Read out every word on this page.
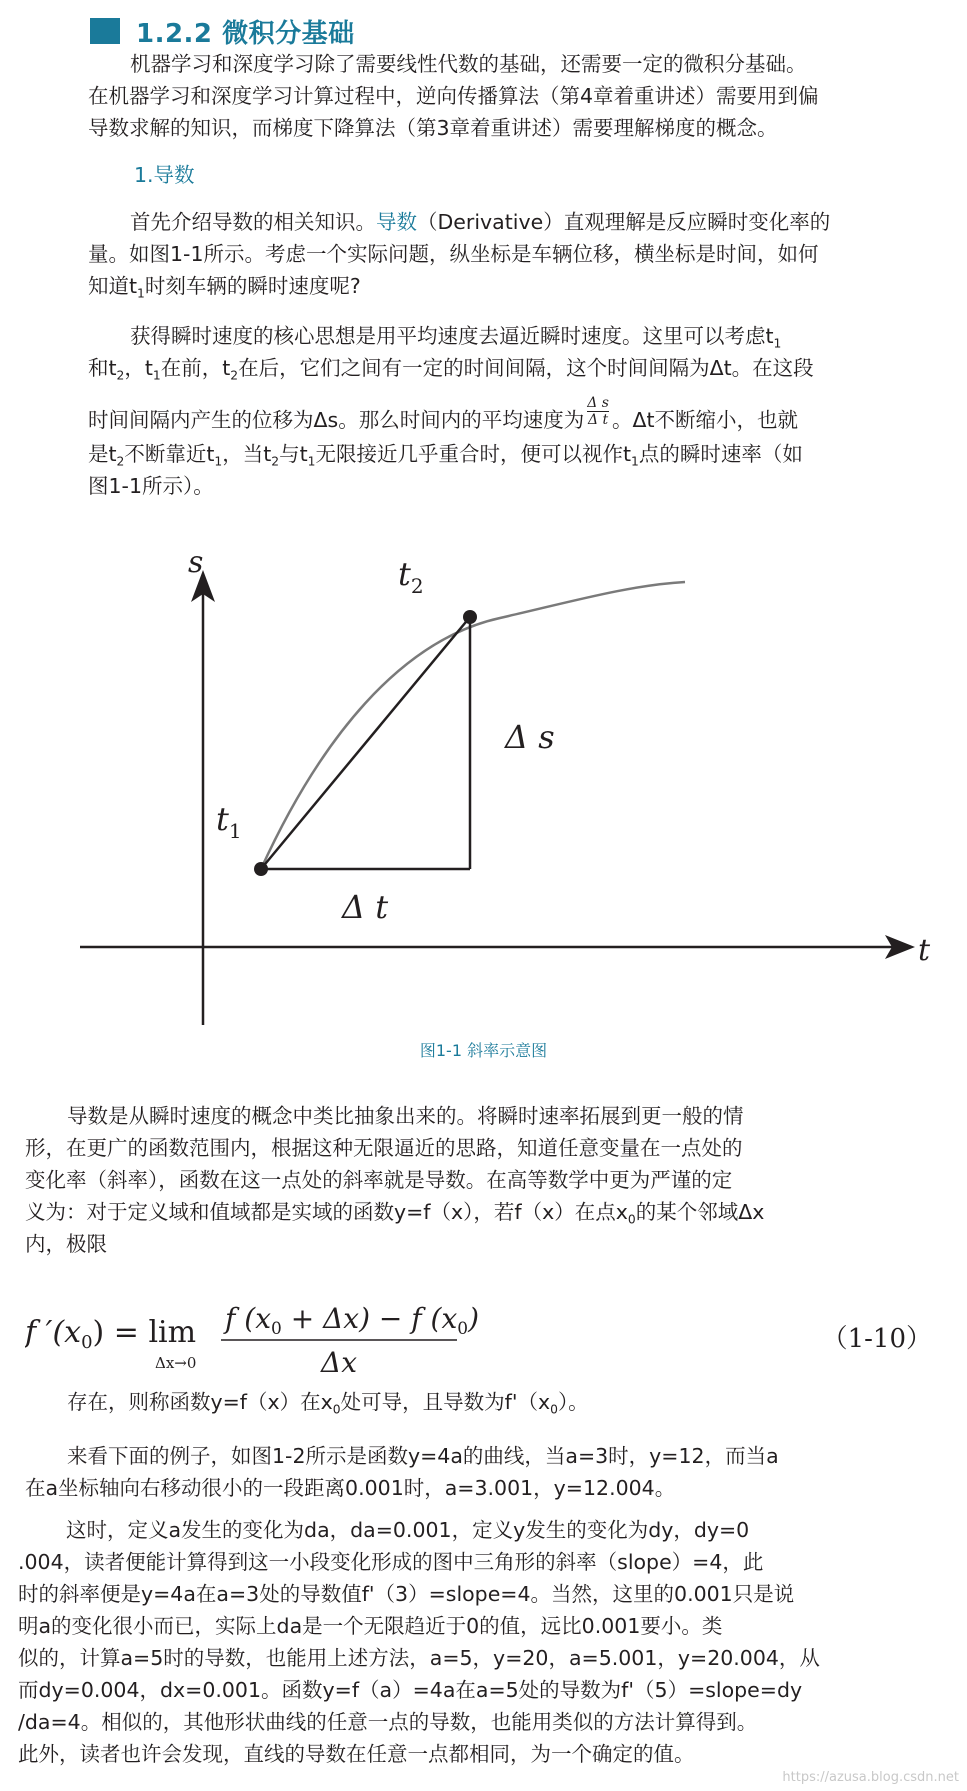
1.2.2 微积分基础

机器学习和深度学习除了需要线性代数的基础，还需要一定的微积分基础。

在机器学习和深度学习计算过程中，逆向传播算法（第4章着重讲述）需要用到偏

导数求解的知识，而梯度下降算法（第3章着重讲述）需要理解梯度的概念。

1.导数

首先介绍导数的相关知识。导数（Derivative）直观理解是反应瞬时变化率的

量。如图1-1所示。考虑一个实际问题，纵坐标是车辆位移，横坐标是时间，如何

知道$t_1$时刻车辆的瞬时速度呢?

获得瞬时速度的核心思想是用平均速度去逼近瞬时速度。这里可以考虑$t_1$

和$t_2$，$t_1$在前，$t_2$在后，它们之间有一定的时间间隔，这个时间间隔为Δt。在这段

时间间隔内产生的位移为Δs。那么时间内的平均速度为 $\frac{\text{Δ s}}{\text{Δ t}}$ 。Δt不断缩小，也就

是$t_2$不断靠近$t_1$，当$t_2$与$t_1$无限接近几乎重合时，便可以视作$t_1$点的瞬时速率（如

图1-1所示）。

s
t
$t_1$
$t_2$
Δ s
Δ t
图1-1 斜率示意图

导数是从瞬时速度的概念中类比抽象出来的。将瞬时速率拓展到更一般的情

形，在更广的函数范围内，根据这种无限逼近的思路，知道任意变量在一点处的

变化率（斜率），函数在这一点处的斜率就是导数。在高等数学中更为严谨的定

义为：对于定义域和值域都是实域的函数y=f（x），若f（x）在点$x_0$的某个邻域Δx

内，极限

f $'(x_0) = \lim$
Δx→0
f $(x_0 + \Delta x) - f$ $(x_0)$
Δx
（1-10）

存在，则称函数y=f（x）在$x_0$处可导，且导数为$f'(x_0)$。

来看下面的例子，如图1-2所示是函数y=4a的曲线，当a=3时，y=12，而当a

在a坐标轴向右移动很小的一段距离0.001时，a=3.001，y=12.004。

这时，定义a发生的变化为da，da=0.001，定义y发生的变化为dy，dy=0

.004，读者便能计算得到这一小段变化形成的图中三角形的斜率（slope）=4，此

时的斜率便是y=4a在a=3处的导数值f'（3）=slope=4。当然，这里的0.001只是说

明a的变化很小而已，实际上da是一个无限趋近于0的值，远比0.001要小。类

似的，计算a=5时的导数，也能用上述方法，a=5，y=20，a=5.001，y=20.004，从

而dy=0.004，dx=0.001。函数y=f（a）=4a在a=5处的导数为f'（5）=slope=dy

/da=4。相似的，其他形状曲线的任意一点的导数，也能用类似的方法计算得到。

此外，读者也许会发现，直线的导数在任意一点都相同，为一个确定的值。

https://azusa.blog.csdn.net
